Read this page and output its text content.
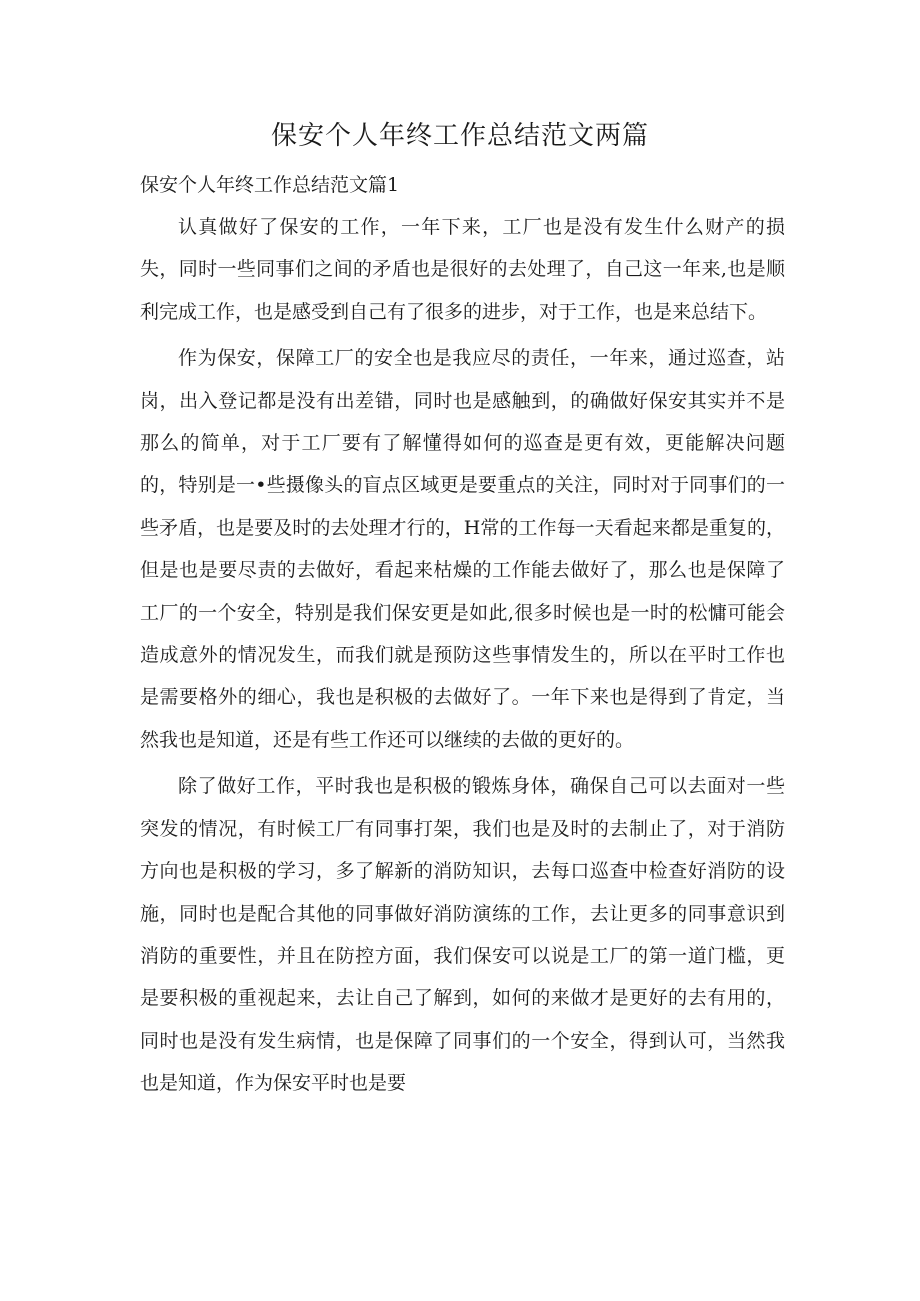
保安个人年终工作总结范文两篇
保安个人年终工作总结范文篇1

认真做好了保安的工作，一年下来，工厂也是没有发生什么财产的损失，同时一些同事们之间的矛盾也是很好的去处理了，自己这一年来,也是顺利完成工作，也是感受到自己有了很多的进步，对于工作，也是来总结下。

作为保安，保障工厂的安全也是我应尽的责任，一年来，通过巡查，站岗，出入登记都是没有出差错，同时也是感触到，的确做好保安其实并不是那么的简单，对于工厂要有了解懂得如何的巡查是更有效，更能解决问题的，特别是一•些摄像头的盲点区域更是要重点的关注，同时对于同事们的一些矛盾，也是要及时的去处理才行的，H常的工作每一天看起来都是重复的，但是也是要尽责的去做好，看起来枯燥的工作能去做好了，那么也是保障了工厂的一个安全，特别是我们保安更是如此,很多时候也是一时的松慵可能会造成意外的情况发生，而我们就是预防这些事情发生的，所以在平时工作也是需要格外的细心，我也是积极的去做好了。一年下来也是得到了肯定，当然我也是知道，还是有些工作还可以继续的去做的更好的。

除了做好工作，平时我也是积极的锻炼身体，确保自己可以去面对一些突发的情况，有时候工厂有同事打架，我们也是及时的去制止了，对于消防方向也是积极的学习，多了解新的消防知识，去每口巡查中检查好消防的设施，同时也是配合其他的同事做好消防演练的工作，去让更多的同事意识到消防的重要性，并且在防控方面，我们保安可以说是工厂的第一道门槛，更是要积极的重视起来，去让自己了解到，如何的来做才是更好的去有用的，同时也是没有发生病情，也是保障了同事们的一个安全，得到认可，当然我也是知道，作为保安平时也是要
